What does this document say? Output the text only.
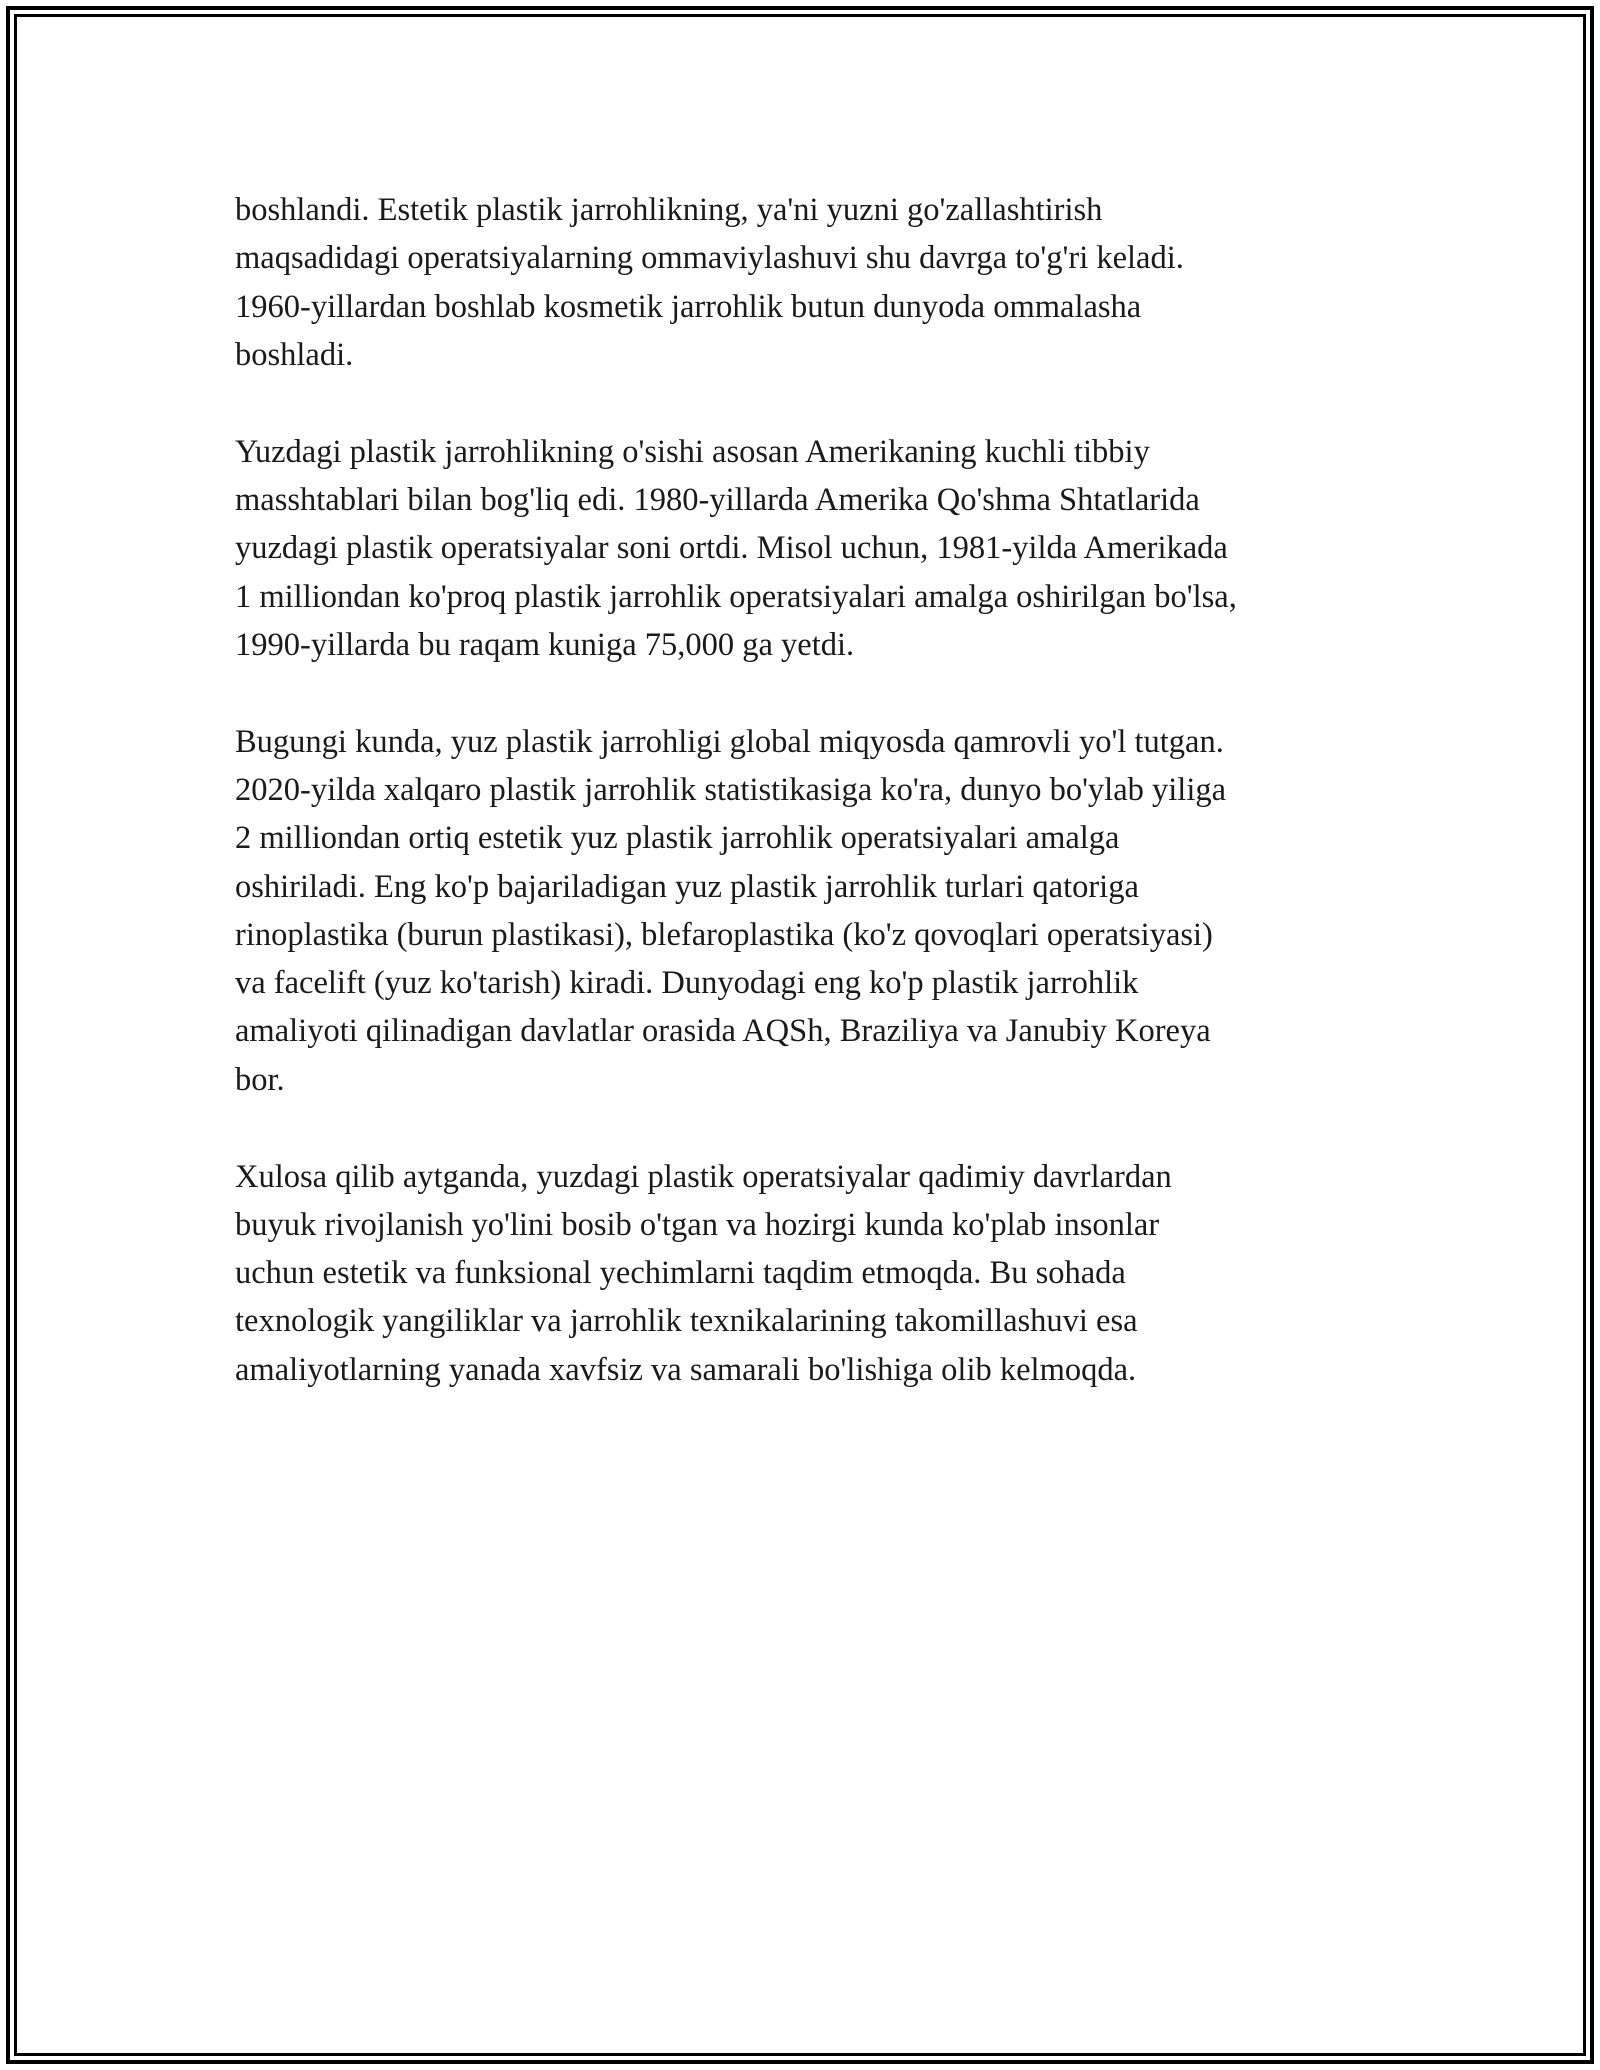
boshlandi. Estetik plastik jarrohlikning, ya'ni yuzni go'zallashtirish
maqsadidagi operatsiyalarning ommaviylashuvi shu davrga to'g'ri keladi.
1960-yillardan boshlab kosmetik jarrohlik butun dunyoda ommalasha
boshladi.

Yuzdagi plastik jarrohlikning o'sishi asosan Amerikaning kuchli tibbiy
masshtablari bilan bog'liq edi. 1980-yillarda Amerika Qo'shma Shtatlarida
yuzdagi plastik operatsiyalar soni ortdi. Misol uchun, 1981-yilda Amerikada
1 milliondan ko'proq plastik jarrohlik operatsiyalari amalga oshirilgan bo'lsa,
1990-yillarda bu raqam kuniga 75,000 ga yetdi.

Bugungi kunda, yuz plastik jarrohligi global miqyosda qamrovli yo'l tutgan.
2020-yilda xalqaro plastik jarrohlik statistikasiga ko'ra, dunyo bo'ylab yiliga
2 milliondan ortiq estetik yuz plastik jarrohlik operatsiyalari amalga
oshiriladi. Eng ko'p bajariladigan yuz plastik jarrohlik turlari qatoriga
rinoplastika (burun plastikasi), blefaroplastika (ko'z qovoqlari operatsiyasi)
va facelift (yuz ko'tarish) kiradi. Dunyodagi eng ko'p plastik jarrohlik
amaliyoti qilinadigan davlatlar orasida AQSh, Braziliya va Janubiy Koreya
bor.

Xulosa qilib aytganda, yuzdagi plastik operatsiyalar qadimiy davrlardan
buyuk rivojlanish yo'lini bosib o'tgan va hozirgi kunda ko'plab insonlar
uchun estetik va funksional yechimlarni taqdim etmoqda. Bu sohada
texnologik yangiliklar va jarrohlik texnikalarining takomillashuvi esa
amaliyotlarning yanada xavfsiz va samarali bo'lishiga olib kelmoqda.
